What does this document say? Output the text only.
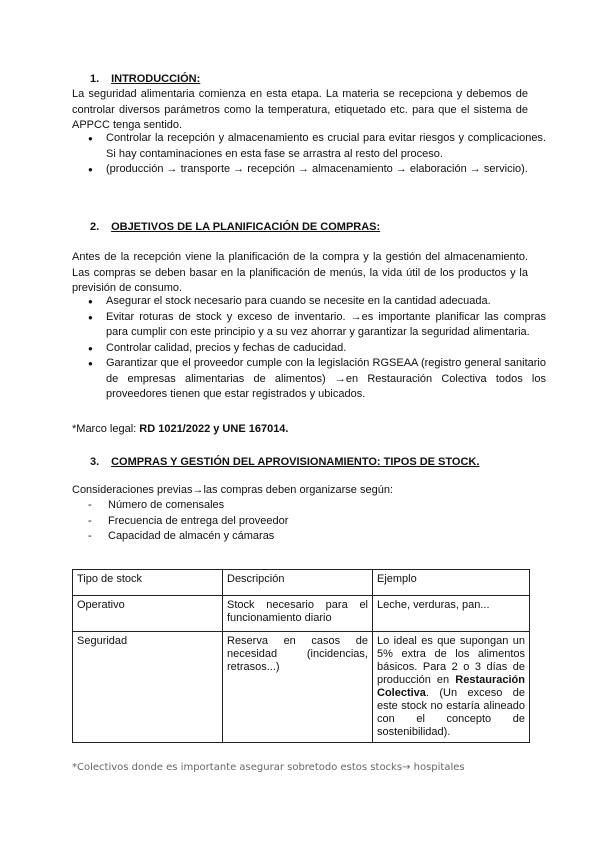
1. INTRODUCCIÓN:
La seguridad alimentaria comienza en esta etapa. La materia se recepciona y debemos de controlar diversos parámetros como la temperatura, etiquetado etc. para que el sistema de APPCC tenga sentido.
● Controlar la recepción y almacenamiento es crucial para evitar riesgos y complicaciones. Si hay contaminaciones en esta fase se arrastra al resto del proceso.
● (producción → transporte → recepción → almacenamiento → elaboración → servicio).
2. OBJETIVOS DE LA PLANIFICACIÓN DE COMPRAS:
Antes de la recepción viene la planificación de la compra y la gestión del almacenamiento. Las compras se deben basar en la planificación de menús, la vida útil de los productos y la previsión de consumo.
● Asegurar el stock necesario para cuando se necesite en la cantidad adecuada.
● Evitar roturas de stock y exceso de inventario. →es importante planificar las compras para cumplir con este principio y a su vez ahorrar y garantizar la seguridad alimentaria.
● Controlar calidad, precios y fechas de caducidad.
● Garantizar que el proveedor cumple con la legislación RGSEAA (registro general sanitario de empresas alimentarias de alimentos) →en Restauración Colectiva todos los proveedores tienen que estar registrados y ubicados.
*Marco legal: RD 1021/2022 y UNE 167014.
3. COMPRAS Y GESTIÓN DEL APROVISIONAMIENTO: TIPOS DE STOCK.
Consideraciones previas→las compras deben organizarse según:
- Número de comensales
- Frecuencia de entrega del proveedor
- Capacidad de almacén y cámaras
Tipo de stock	Descripción	Ejemplo
Operativo	Stock necesario para el funcionamiento diario	Leche, verduras, pan...
Seguridad	Reserva en casos de necesidad (incidencias, retrasos...)	Lo ideal es que supongan un 5% extra de los alimentos básicos. Para 2 o 3 días de producción en Restauración Colectiva. (Un exceso de este stock no estaría alineado con el concepto de sostenibilidad).
*Colectivos donde es importante asegurar sobretodo estos stocks→ hospitales
